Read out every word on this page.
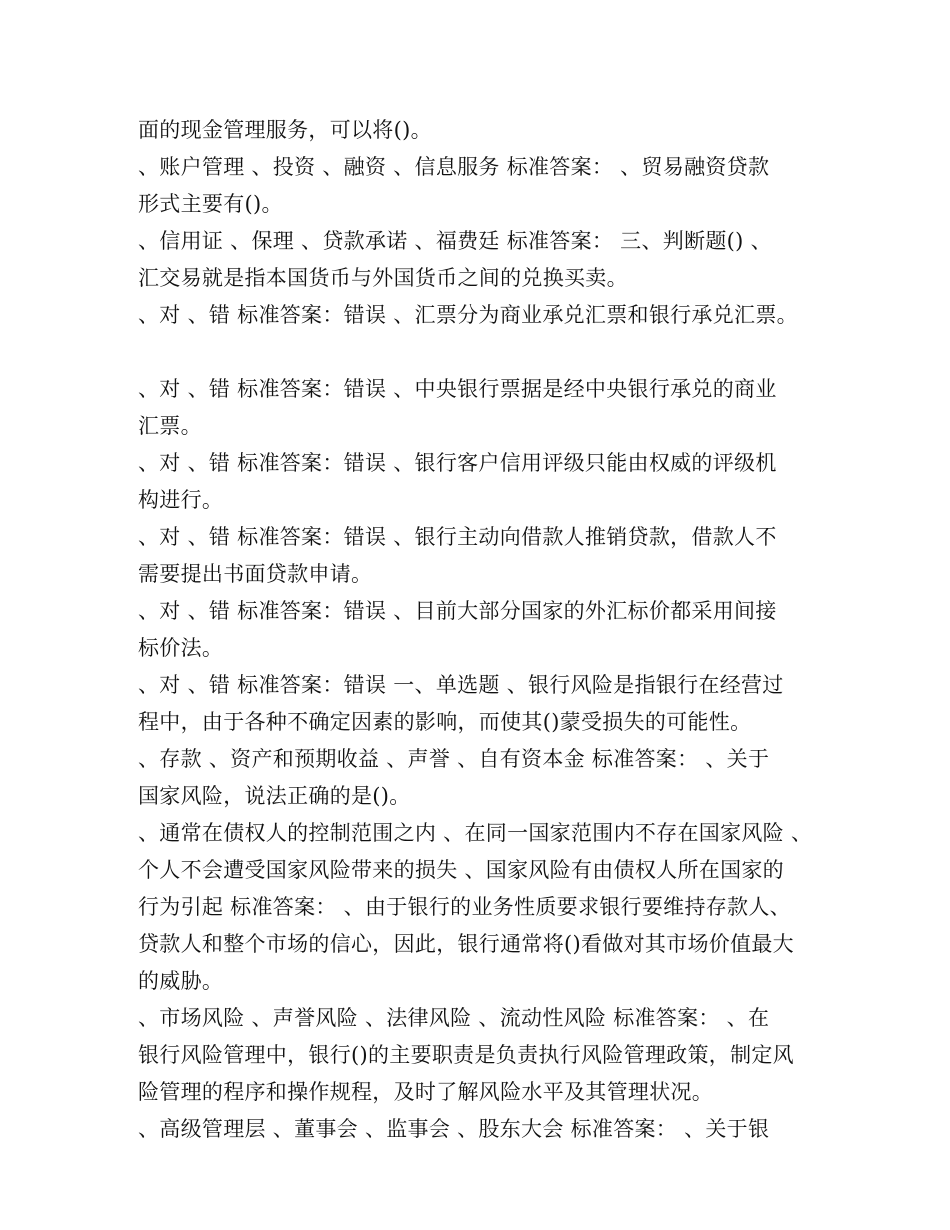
面的现金管理服务，可以将()。
、账户管理 、投资 、融资 、信息服务 标准答案： 、贸易融资贷款
形式主要有()。
、信用证 、保理 、贷款承诺 、福费廷 标准答案： 三、判断题() 、
汇交易就是指本国货币与外国货币之间的兑换买卖。
、对 、错 标准答案：错误 、汇票分为商业承兑汇票和银行承兑汇票。
、对 、错 标准答案：错误 、中央银行票据是经中央银行承兑的商业
汇票。
、对 、错 标准答案：错误 、银行客户信用评级只能由权威的评级机
构进行。
、对 、错 标准答案：错误 、银行主动向借款人推销贷款，借款人不
需要提出书面贷款申请。
、对 、错 标准答案：错误 、目前大部分国家的外汇标价都采用间接
标价法。
、对 、错 标准答案：错误 一、单选题 、银行风险是指银行在经营过
程中，由于各种不确定因素的影响，而使其()蒙受损失的可能性。
、存款 、资产和预期收益 、声誉 、自有资本金 标准答案： 、关于
国家风险，说法正确的是()。
、通常在债权人的控制范围之内 、在同一国家范围内不存在国家风险 、
个人不会遭受国家风险带来的损失 、国家风险有由债权人所在国家的
行为引起 标准答案： 、由于银行的业务性质要求银行要维持存款人、
贷款人和整个市场的信心，因此，银行通常将()看做对其市场价值最大
的威胁。
、市场风险 、声誉风险 、法律风险 、流动性风险 标准答案： 、在
银行风险管理中，银行()的主要职责是负责执行风险管理政策，制定风
险管理的程序和操作规程，及时了解风险水平及其管理状况。
、高级管理层 、董事会 、监事会 、股东大会 标准答案： 、关于银
